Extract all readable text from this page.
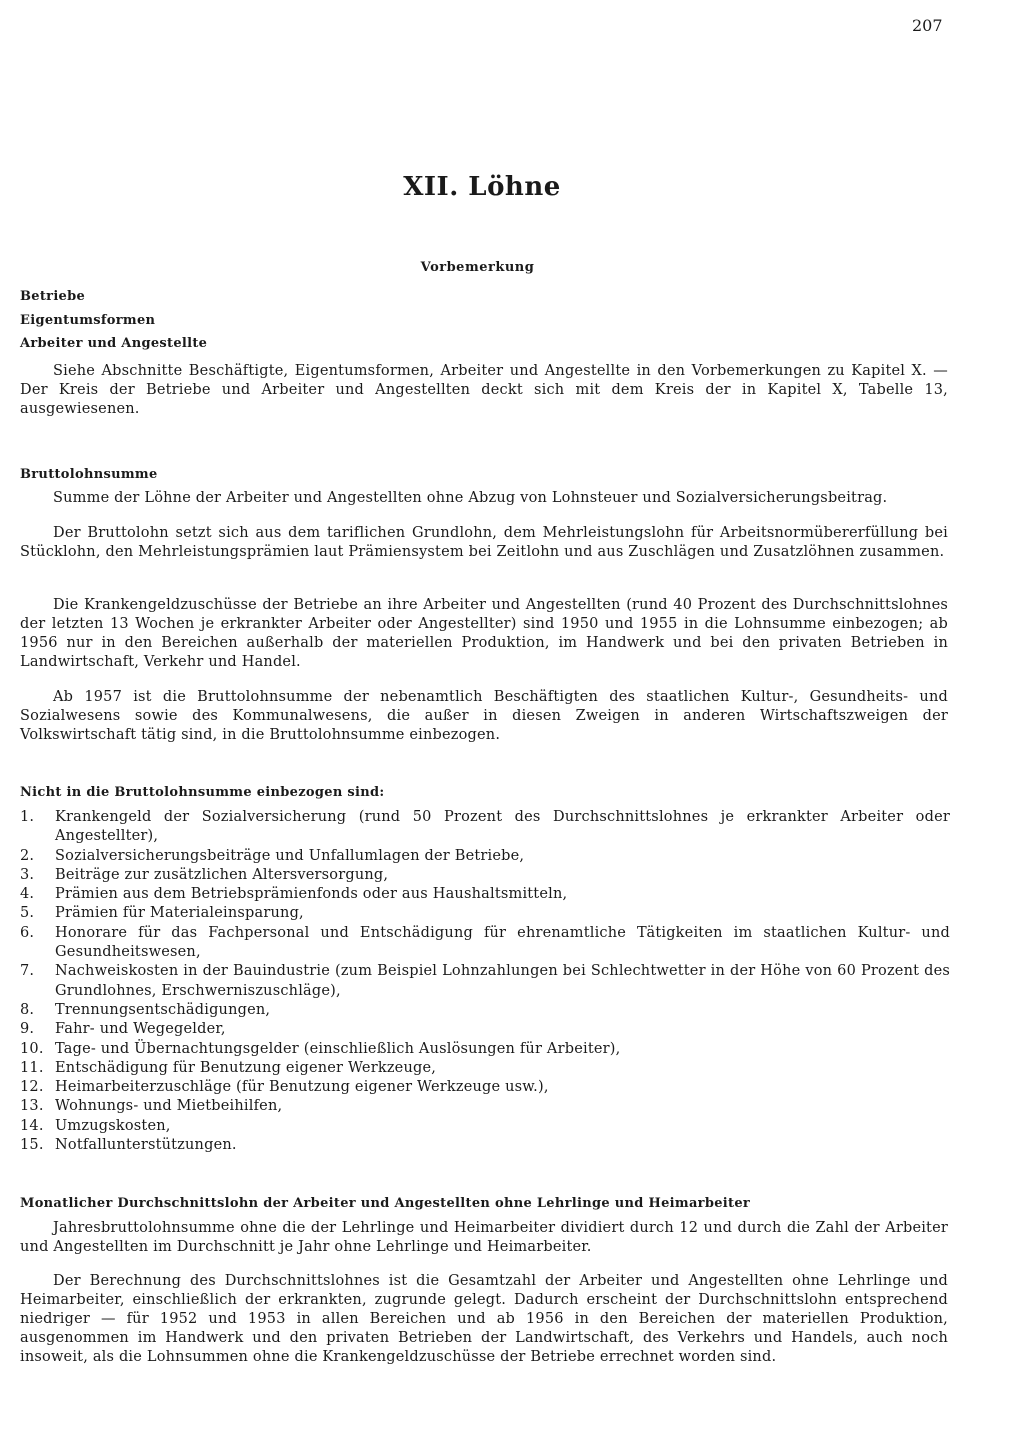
207
XII. Löhne
Vorbemerkung
Betriebe
Eigentumsformen
Arbeiter und Angestellte
Siehe Abschnitte Beschäftigte, Eigentumsformen, Arbeiter und Angestellte in den Vorbemerkungen zu Kapitel X. — Der Kreis der Betriebe und Arbeiter und Angestellten deckt sich mit dem Kreis der in Kapitel X, Tabelle 13, ausgewiesenen.
Bruttolohnsumme
Summe der Löhne der Arbeiter und Angestellten ohne Abzug von Lohnsteuer und Sozialversicherungsbeitrag.
Der Bruttolohn setzt sich aus dem tariflichen Grundlohn, dem Mehrleistungslohn für Arbeitsnormübererfüllung bei Stücklohn, den Mehrleistungsprämien laut Prämiensystem bei Zeitlohn und aus Zuschlägen und Zusatzlöhnen zusammen.
Die Krankengeldzuschüsse der Betriebe an ihre Arbeiter und Angestellten (rund 40 Prozent des Durchschnittslohnes der letzten 13 Wochen je erkrankter Arbeiter oder Angestellter) sind 1950 und 1955 in die Lohnsumme einbezogen; ab 1956 nur in den Bereichen außerhalb der materiellen Produktion, im Handwerk und bei den privaten Betrieben in Landwirtschaft, Verkehr und Handel.
Ab 1957 ist die Bruttolohnsumme der nebenamtlich Beschäftigten des staatlichen Kultur-, Gesundheits- und Sozialwesens sowie des Kommunalwesens, die außer in diesen Zweigen in anderen Wirtschaftszweigen der Volkswirtschaft tätig sind, in die Bruttolohnsumme einbezogen.
Nicht in die Bruttolohnsumme einbezogen sind:
1.	Krankengeld der Sozialversicherung (rund 50 Prozent des Durchschnittslohnes je erkrankter Arbeiter oder Angestellter),
2.	Sozialversicherungsbeiträge und Unfallumlagen der Betriebe,
3.	Beiträge zur zusätzlichen Altersversorgung,
4.	Prämien aus dem Betriebsprämienfonds oder aus Haushaltsmitteln,
5.	Prämien für Materialeinsparung,
6.	Honorare für das Fachpersonal und Entschädigung für ehrenamtliche Tätigkeiten im staatlichen Kultur- und Gesundheitswesen,
7.	Nachweiskosten in der Bauindustrie (zum Beispiel Lohnzahlungen bei Schlechtwetter in der Höhe von 60 Prozent des Grundlohnes, Erschwerniszuschläge),
8.	Trennungsentschädigungen,
9.	Fahr- und Wegegelder,
10. Tage- und Übernachtungsgelder (einschließlich Auslösungen für Arbeiter),
11. Entschädigung für Benutzung eigener Werkzeuge,
12. Heimarbeiterzuschläge (für Benutzung eigener Werkzeuge usw.),
13. Wohnungs- und Mietbeihilfen,
14. Umzugskosten,
15. Notfallunterstützungen.
Monatlicher Durchschnittslohn der Arbeiter und Angestellten ohne Lehrlinge und Heimarbeiter
Jahresbruttolohnsumme ohne die der Lehrlinge und Heimarbeiter dividiert durch 12 und durch die Zahl der Arbeiter und Angestellten im Durchschnitt je Jahr ohne Lehrlinge und Heimarbeiter.
Der Berechnung des Durchschnittslohnes ist die Gesamtzahl der Arbeiter und Angestellten ohne Lehrlinge und Heimarbeiter, einschließlich der erkrankten, zugrunde gelegt. Dadurch erscheint der Durchschnittslohn entsprechend niedriger — für 1952 und 1953 in allen Bereichen und ab 1956 in den Bereichen der materiellen Produktion, ausgenommen im Handwerk und den privaten Betrieben der Landwirtschaft, des Verkehrs und Handels, auch noch insoweit, als die Lohnsummen ohne die Krankengeldzuschüsse der Betriebe errechnet worden sind.
